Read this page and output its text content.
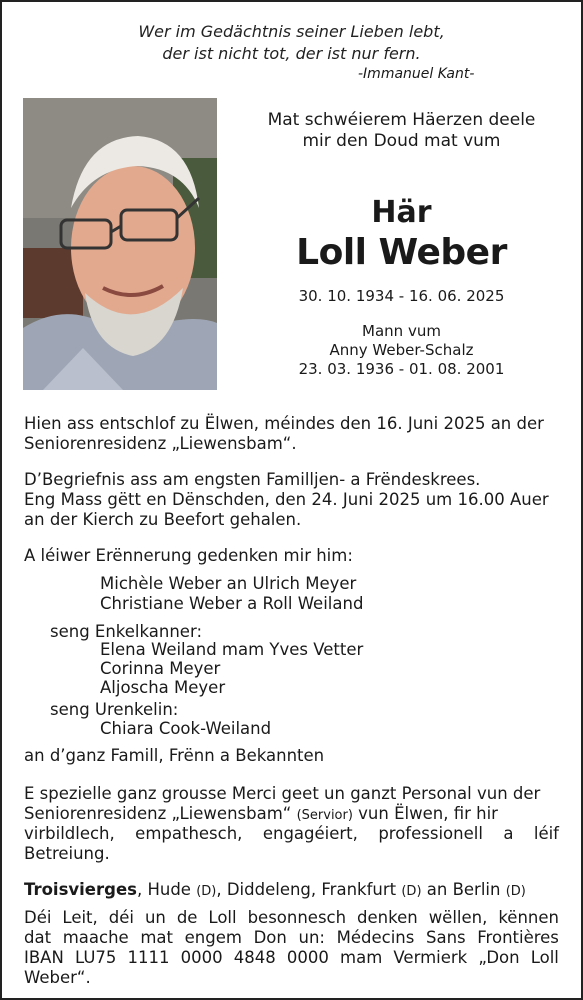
Wer im Gedächtnis seiner Lieben lebt,
der ist nicht tot, der ist nur fern.
-Immanuel Kant-
Mat schwéierem Häerzen deele
mir den Doud mat vum
Här
Loll Weber
30. 10. 1934 - 16. 06. 2025
Mann vum
Anny Weber-Schalz
23. 03. 1936 - 01. 08. 2001
Hien ass entschlof zu Ëlwen, méindes den 16. Juni 2025 an der
Seniorenresidenz „Liewensbam“.
D’Begriefnis ass am engsten Familljen- a Frëndeskrees.
Eng Mass gëtt en Dënschden, den 24. Juni 2025 um 16.00 Auer
an der Kierch zu Beefort gehalen.
A léiwer Erënnerung gedenken mir him:
Michèle Weber an Ulrich Meyer
Christiane Weber a Roll Weiland
seng Enkelkanner:
Elena Weiland mam Yves Vetter
Corinna Meyer
Aljoscha Meyer
seng Urenkelin:
Chiara Cook-Weiland
an d’ganz Famill, Frënn a Bekannten
E spezielle ganz grousse Merci geet un ganzt Personal vun der
Seniorenresidenz „Liewensbam“ (Servior) vun Ëlwen, fir hir
virbildlech, empathesch, engagéiert, professionell a léif
Betreiung.
Troisvierges, Hude (D), Diddeleng, Frankfurt (D) an Berlin (D)
Déi Leit, déi un de Loll besonnesch denken wëllen, kënnen
dat maache mat engem Don un: Médecins Sans Frontières
IBAN LU75 1111 0000 4848 0000 mam Vermierk „Don Loll
Weber“.
